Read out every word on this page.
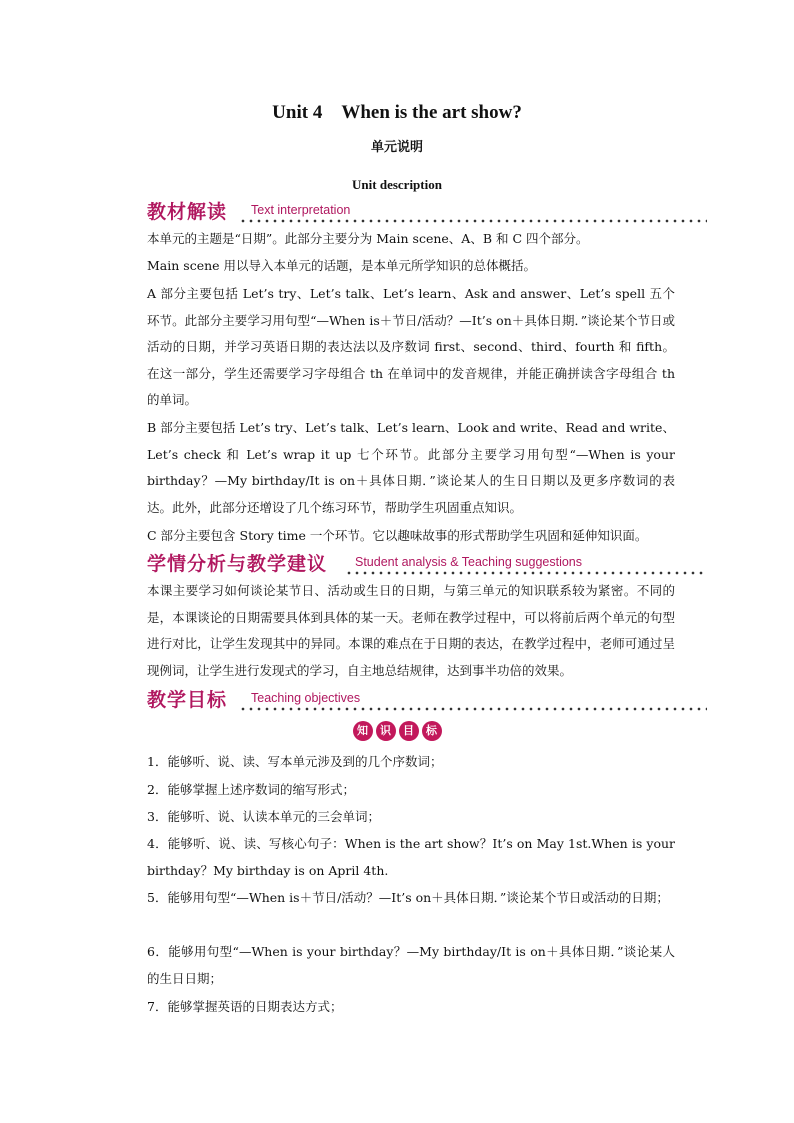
Unit 4　When is the art show?
单元说明
Unit description
教材解读 Text interpretation

本单元的主题是“日期”。此部分主要分为 Main scene、A、B 和 C 四个部分。

Main scene 用以导入本单元的话题，是本单元所学知识的总体概括。

A 部分主要包括 Let’s try、Let’s talk、Let’s learn、Ask and answer、Let’s spell 五个环节。此部分主要学习用句型“—When is＋节日/活动？—It’s on＋具体日期．”谈论某个节日或活动的日期，并学习英语日期的表达法以及序数词 first、second、third、fourth 和 fifth。在这一部分，学生还需要学习字母组合 th 在单词中的发音规律，并能正确拼读含字母组合 th 的单词。

B 部分主要包括 Let’s try、Let’s talk、Let’s learn、Look and write、Read and write、Let’s check 和 Let’s wrap it up 七个环节。此部分主要学习用句型“—When is your birthday？—My birthday/It is on＋具体日期．”谈论某人的生日日期以及更多序数词的表达。此外，此部分还增设了几个练习环节，帮助学生巩固重点知识。

C 部分主要包含 Story time 一个环节。它以趣味故事的形式帮助学生巩固和延伸知识面。

学情分析与教学建议 Student analysis & Teaching suggestions

本课主要学习如何谈论某节日、活动或生日的日期，与第三单元的知识联系较为紧密。不同的是，本课谈论的日期需要具体到具体的某一天。老师在教学过程中，可以将前后两个单元的句型进行对比，让学生发现其中的异同。本课的难点在于日期的表达，在教学过程中，老师可通过呈现例词，让学生进行发现式的学习，自主地总结规律，达到事半功倍的效果。

教学目标 Teaching objectives
知	识	目	标

1．能够听、说、读、写本单元涉及到的几个序数词；

2．能够掌握上述序数词的缩写形式；

3．能够听、说、认读本单元的三会单词；

4．能够听、说、读、写核心句子：When is the art show？It’s on May 1st.When is your birthday？My birthday is on April 4th.

5．能够用句型“—When is＋节日/活动？—It’s on＋具体日期．”谈论某个节日或活动的日期；

6．能够用句型“—When is your birthday？—My birthday/It is on＋具体日期．”谈论某人的生日日期；

7．能够掌握英语的日期表达方式；
